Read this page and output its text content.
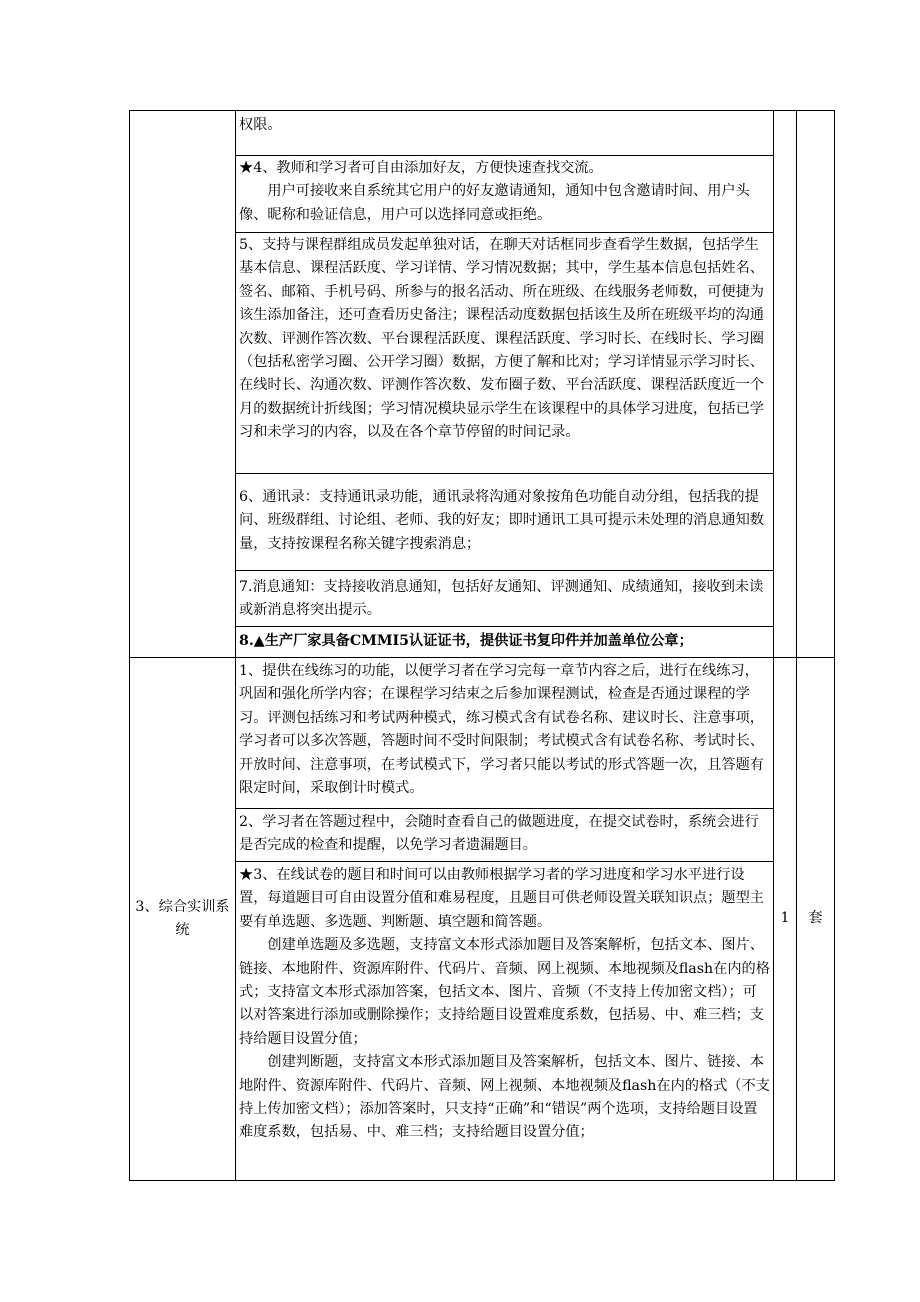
权限。

★4、教师和学习者可自由添加好友，方便快速查找交流。

用户可接收来自系统其它用户的好友邀请通知，通知中包含邀请时间、用户头像、昵称和验证信息，用户可以选择同意或拒绝。

5、支持与课程群组成员发起单独对话，在聊天对话框同步查看学生数据，包括学生基本信息、课程活跃度、学习详情、学习情况数据；其中，学生基本信息包括姓名、签名、邮箱、手机号码、所参与的报名活动、所在班级、在线服务老师数，可便捷为该生添加备注，还可查看历史备注；课程活动度数据包括该生及所在班级平均的沟通次数、评测作答次数、平台课程活跃度、课程活跃度、学习时长、在线时长、学习圈（包括私密学习圈、公开学习圈）数据，方便了解和比对；学习详情显示学习时长、在线时长、沟通次数、评测作答次数、发布圈子数、平台活跃度、课程活跃度近一个月的数据统计折线图；学习情况模块显示学生在该课程中的具体学习进度，包括已学习和未学习的内容，以及在各个章节停留的时间记录。

6、通讯录：支持通讯录功能，通讯录将沟通对象按角色功能自动分组，包括我的提问、班级群组、讨论组、老师、我的好友；即时通讯工具可提示未处理的消息通知数量，支持按课程名称关键字搜索消息；

7.消息通知：支持接收消息通知，包括好友通知、评测通知、成绩通知，接收到未读或新消息将突出提示。

8.▲生产厂家具备CMMI5认证证书，提供证书复印件并加盖单位公章；

3、综合实训系统
1 套

1、提供在线练习的功能，以便学习者在学习完每一章节内容之后，进行在线练习，巩固和强化所学内容；在课程学习结束之后参加课程测试，检查是否通过课程的学习。评测包括练习和考试两种模式，练习模式含有试卷名称、建议时长、注意事项，学习者可以多次答题，答题时间不受时间限制；考试模式含有试卷名称、考试时长、开放时间、注意事项，在考试模式下，学习者只能以考试的形式答题一次，且答题有限定时间，采取倒计时模式。

2、学习者在答题过程中，会随时查看自己的做题进度，在提交试卷时，系统会进行是否完成的检查和提醒，以免学习者遗漏题目。

★3、在线试卷的题目和时间可以由教师根据学习者的学习进度和学习水平进行设置，每道题目可自由设置分值和难易程度，且题目可供老师设置关联知识点；题型主要有单选题、多选题、判断题、填空题和简答题。

创建单选题及多选题，支持富文本形式添加题目及答案解析，包括文本、图片、链接、本地附件、资源库附件、代码片、音频、网上视频、本地视频及flash在内的格式；支持富文本形式添加答案，包括文本、图片、音频（不支持上传加密文档）；可以对答案进行添加或删除操作；支持给题目设置难度系数，包括易、中、难三档；支持给题目设置分值；

创建判断题，支持富文本形式添加题目及答案解析，包括文本、图片、链接、本地附件、资源库附件、代码片、音频、网上视频、本地视频及flash在内的格式（不支持上传加密文档）；添加答案时，只支持“正确”和“错误”两个选项，支持给题目设置难度系数，包括易、中、难三档；支持给题目设置分值；
